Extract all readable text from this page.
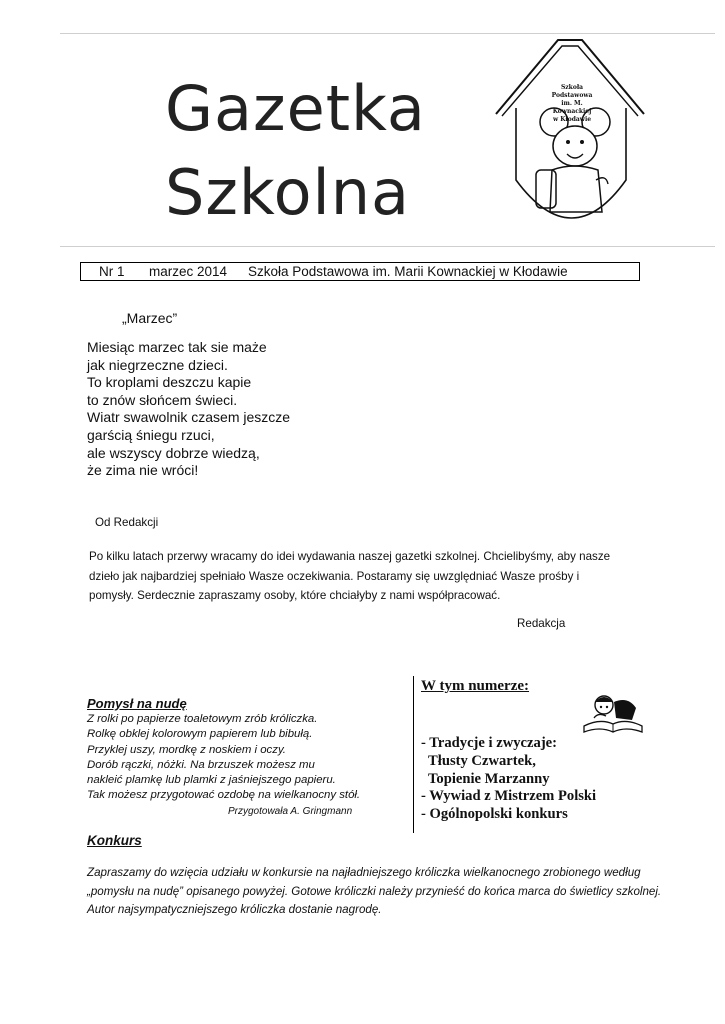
Gazetka
Szkolna
Szkoła Podstawowa
im. M. Kownackiej
w Kłodawie
Nr 1 marzec 2014 Szkoła Podstawowa im. Marii Kownackiej w Kłodawie
„Marzec”
Miesiąc marzec tak sie maże
jak niegrzeczne dzieci.
To kroplami deszczu kapie
to znów słońcem świeci.
Wiatr swawolnik czasem jeszcze
garścią śniegu rzuci,
ale wszyscy dobrze wiedzą,
że zima nie wróci!
Od Redakcji
Po kilku latach przerwy wracamy do idei wydawania naszej gazetki szkolnej. Chcielibyśmy, aby nasze
dzieło jak najbardziej spełniało Wasze oczekiwania. Postaramy się uwzględniać Wasze prośby i
pomysły. Serdecznie zapraszamy osoby, które chciałyby z nami współpracować.
Redakcja
Pomysł na nudę
Z rolki po papierze toaletowym zrób króliczka.
Rolkę obklej kolorowym papierem lub bibułą.
Przyklej uszy, mordkę z noskiem i oczy.
Dorób rączki, nóżki. Na brzuszek możesz mu
nakleić plamkę lub plamki z jaśniejszego papieru.
Tak możesz przygotować ozdobę na wielkanocny stół.
Przygotowała A. Gringmann
W tym numerze:
- Tradycje i zwyczaje:
Tłusty Czwartek,
Topienie Marzanny
- Wywiad z Mistrzem Polski
- Ogólnopolski konkurs
Konkurs
Zapraszamy do wzięcia udziału w konkursie na najładniejszego króliczka wielkanocnego zrobionego według
„pomysłu na nudę” opisanego powyżej. Gotowe króliczki należy przynieść do końca marca do świetlicy szkolnej.
Autor najsympatyczniejszego króliczka dostanie nagrodę.
